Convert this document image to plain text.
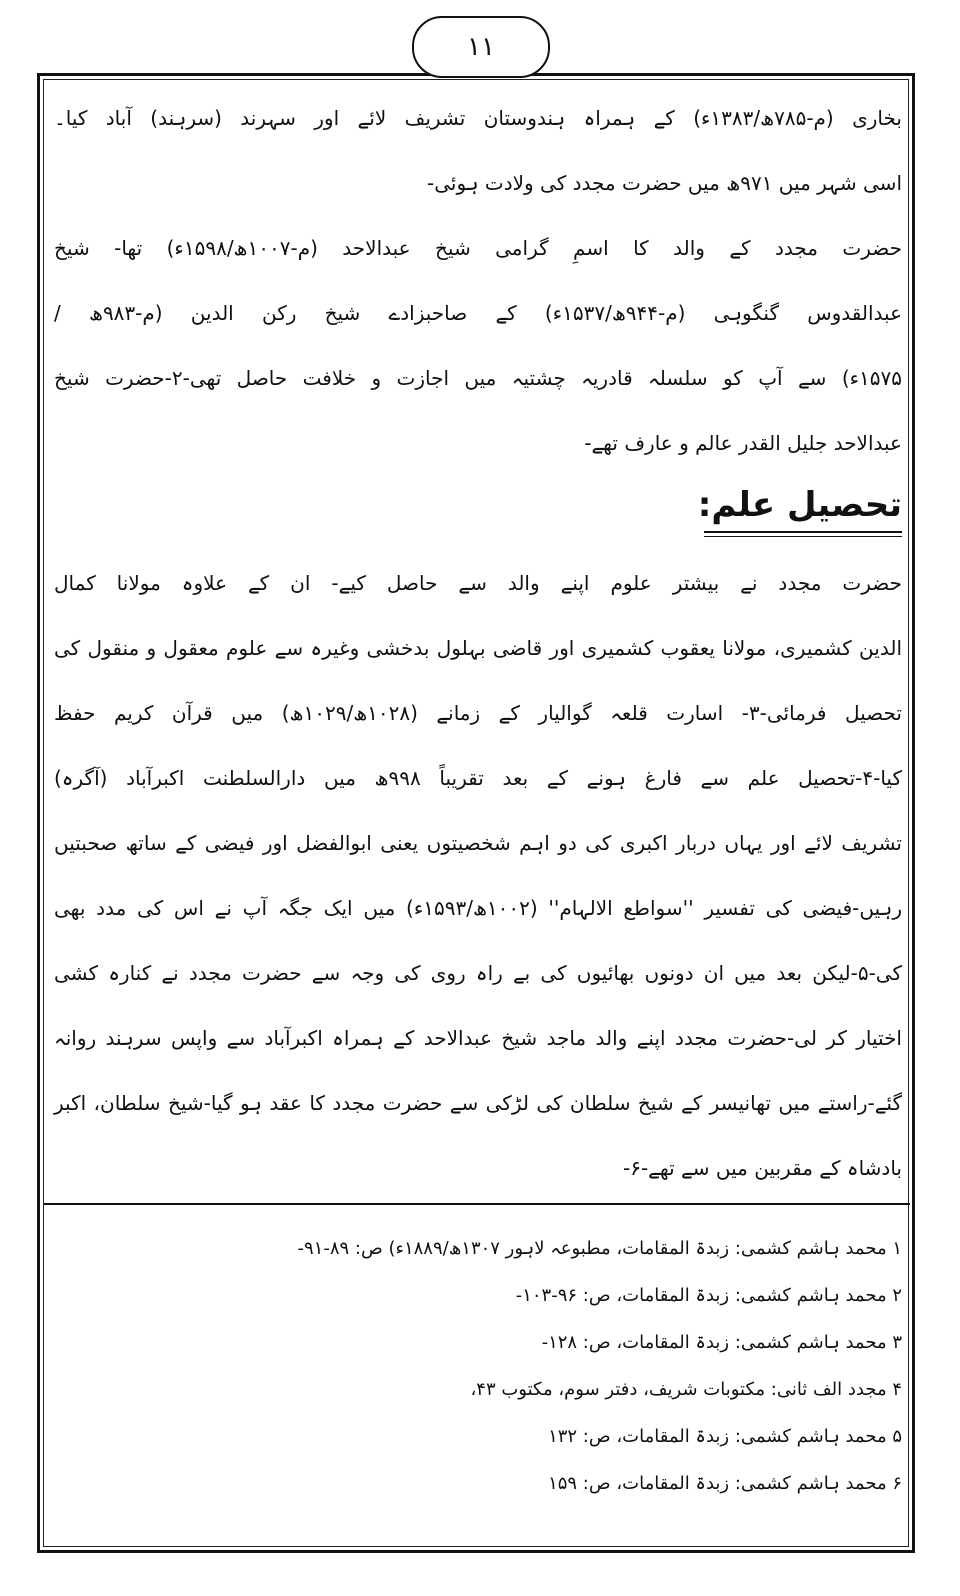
۱۱
بخاری (م-۷۸۵ھ/۱۳۸۳ء) کے ہمراہ ہندوستان تشریف لائے اور سہرند (سرہند) آباد کیا۔
اسی شہر میں ۹۷۱ھ میں حضرت مجدد کی ولادت ہوئی-
حضرت مجدد کے والد کا اسمِ گرامی شیخ عبدالاحد (م-۱۰۰۷ھ/۱۵۹۸ء) تھا- شیخ
عبدالقدوس گنگوہی (م-۹۴۴ھ/۱۵۳۷ء) کے صاحبزادے شیخ رکن الدین (م-۹۸۳ھ /
۱۵۷۵ء) سے آپ کو سلسلہ قادریہ چشتیہ میں اجازت و خلافت حاصل تھی-۲-حضرت شیخ
عبدالاحد جلیل القدر عالم و عارف تھے-
تحصیل علم:
حضرت مجدد نے بیشتر علوم اپنے والد سے حاصل کیے- ان کے علاوہ مولانا کمال
الدین کشمیری، مولانا یعقوب کشمیری اور قاضی بہلول بدخشی وغیرہ سے علوم معقول و منقول کی
تحصیل فرمائی-۳- اسارت قلعہ گوالیار کے زمانے (۱۰۲۸ھ/۱۰۲۹ھ) میں قرآن کریم حفظ
کیا-۴-تحصیل علم سے فارغ ہونے کے بعد تقریباً ۹۹۸ھ میں دارالسلطنت اکبرآباد (آگرہ)
تشریف لائے اور یہاں دربار اکبری کی دو اہم شخصیتوں یعنی ابوالفضل اور فیضی کے ساتھ صحبتیں
رہیں-فیضی کی تفسیر ''سواطع الالہام'' (۱۰۰۲ھ/۱۵۹۳ء) میں ایک جگہ آپ نے اس کی مدد بھی
کی-۵-لیکن بعد میں ان دونوں بھائیوں کی بے راہ روی کی وجہ سے حضرت مجدد نے کنارہ کشی
اختیار کر لی-حضرت مجدد اپنے والد ماجد شیخ عبدالاحد کے ہمراہ اکبرآباد سے واپس سرہند روانہ
گئے-راستے میں تھانیسر کے شیخ سلطان کی لڑکی سے حضرت مجدد کا عقد ہو گیا-شیخ سلطان، اکبر
بادشاہ کے مقربین میں سے تھے-۶-
۱ محمد ہاشم کشمی: زبدۃ المقامات، مطبوعہ لاہور ۱۳۰۷ھ/۱۸۸۹ء) ص: ۸۹-۹۱-
۲ محمد ہاشم کشمی: زبدۃ المقامات، ص: ۹۶-۱۰۳-
۳ محمد ہاشم کشمی: زبدۃ المقامات، ص: ۱۲۸-
۴ مجدد الف ثانی: مکتوبات شریف، دفتر سوم، مکتوب ۴۳،
۵ محمد ہاشم کشمی: زبدۃ المقامات، ص: ۱۳۲
۶ محمد ہاشم کشمی: زبدۃ المقامات، ص: ۱۵۹
